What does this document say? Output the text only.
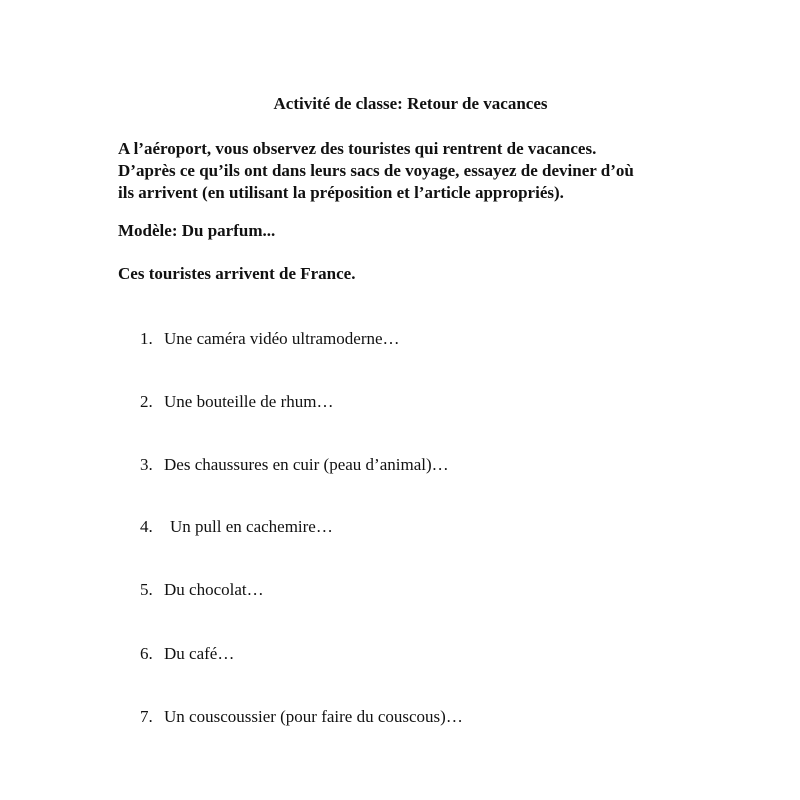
Activité de classe: Retour de vacances
A l’aéroport, vous observez des touristes qui rentrent de vacances.
D’après ce qu’ils ont dans leurs sacs de voyage, essayez de deviner d’où
ils arrivent (en utilisant la préposition et l’article appropriés).
Modèle: Du parfum...
Ces touristes arrivent de France.
1. Une caméra vidéo ultramoderne…
2. Une bouteille de rhum…
3. Des chaussures en cuir (peau d’animal)…
4. Un pull en cachemire…
5. Du chocolat…
6. Du café…
7. Un couscoussier (pour faire du couscous)…
